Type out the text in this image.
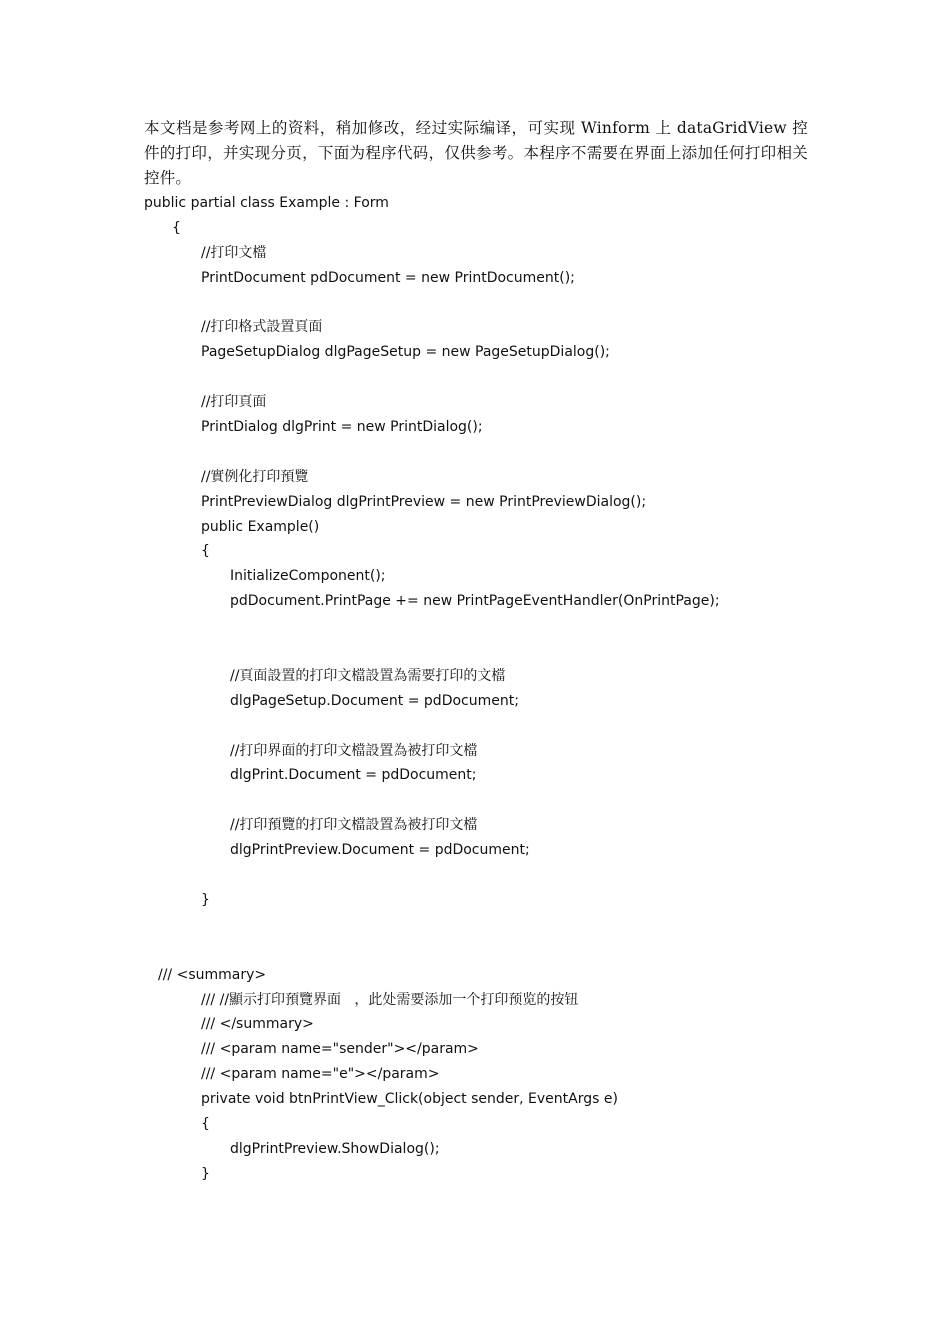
本文档是参考网上的资料，稍加修改，经过实际编译，可实现 Winform 上 dataGridView 控件的打印，并实现分页，下面为程序代码，仅供参考。本程序不需要在界面上添加任何打印相关控件。
public partial class Example : Form
{
//打印文檔
PrintDocument pdDocument = new PrintDocument();
//打印格式設置頁面
PageSetupDialog dlgPageSetup = new PageSetupDialog();
//打印頁面
PrintDialog dlgPrint = new PrintDialog();
//實例化打印預覽
PrintPreviewDialog dlgPrintPreview = new PrintPreviewDialog();
public Example()
{
InitializeComponent();
pdDocument.PrintPage += new PrintPageEventHandler(OnPrintPage);
//頁面設置的打印文檔設置為需要打印的文檔
dlgPageSetup.Document = pdDocument;
//打印界面的打印文檔設置為被打印文檔
dlgPrint.Document = pdDocument;
//打印預覽的打印文檔設置為被打印文檔
dlgPrintPreview.Document = pdDocument;
}
/// <summary>
/// //顯示打印預覽界面   ，此处需要添加一个打印预览的按钮
/// </summary>
/// <param name="sender"></param>
/// <param name="e"></param>
private void btnPrintView_Click(object sender, EventArgs e)
{
dlgPrintPreview.ShowDialog();
}
